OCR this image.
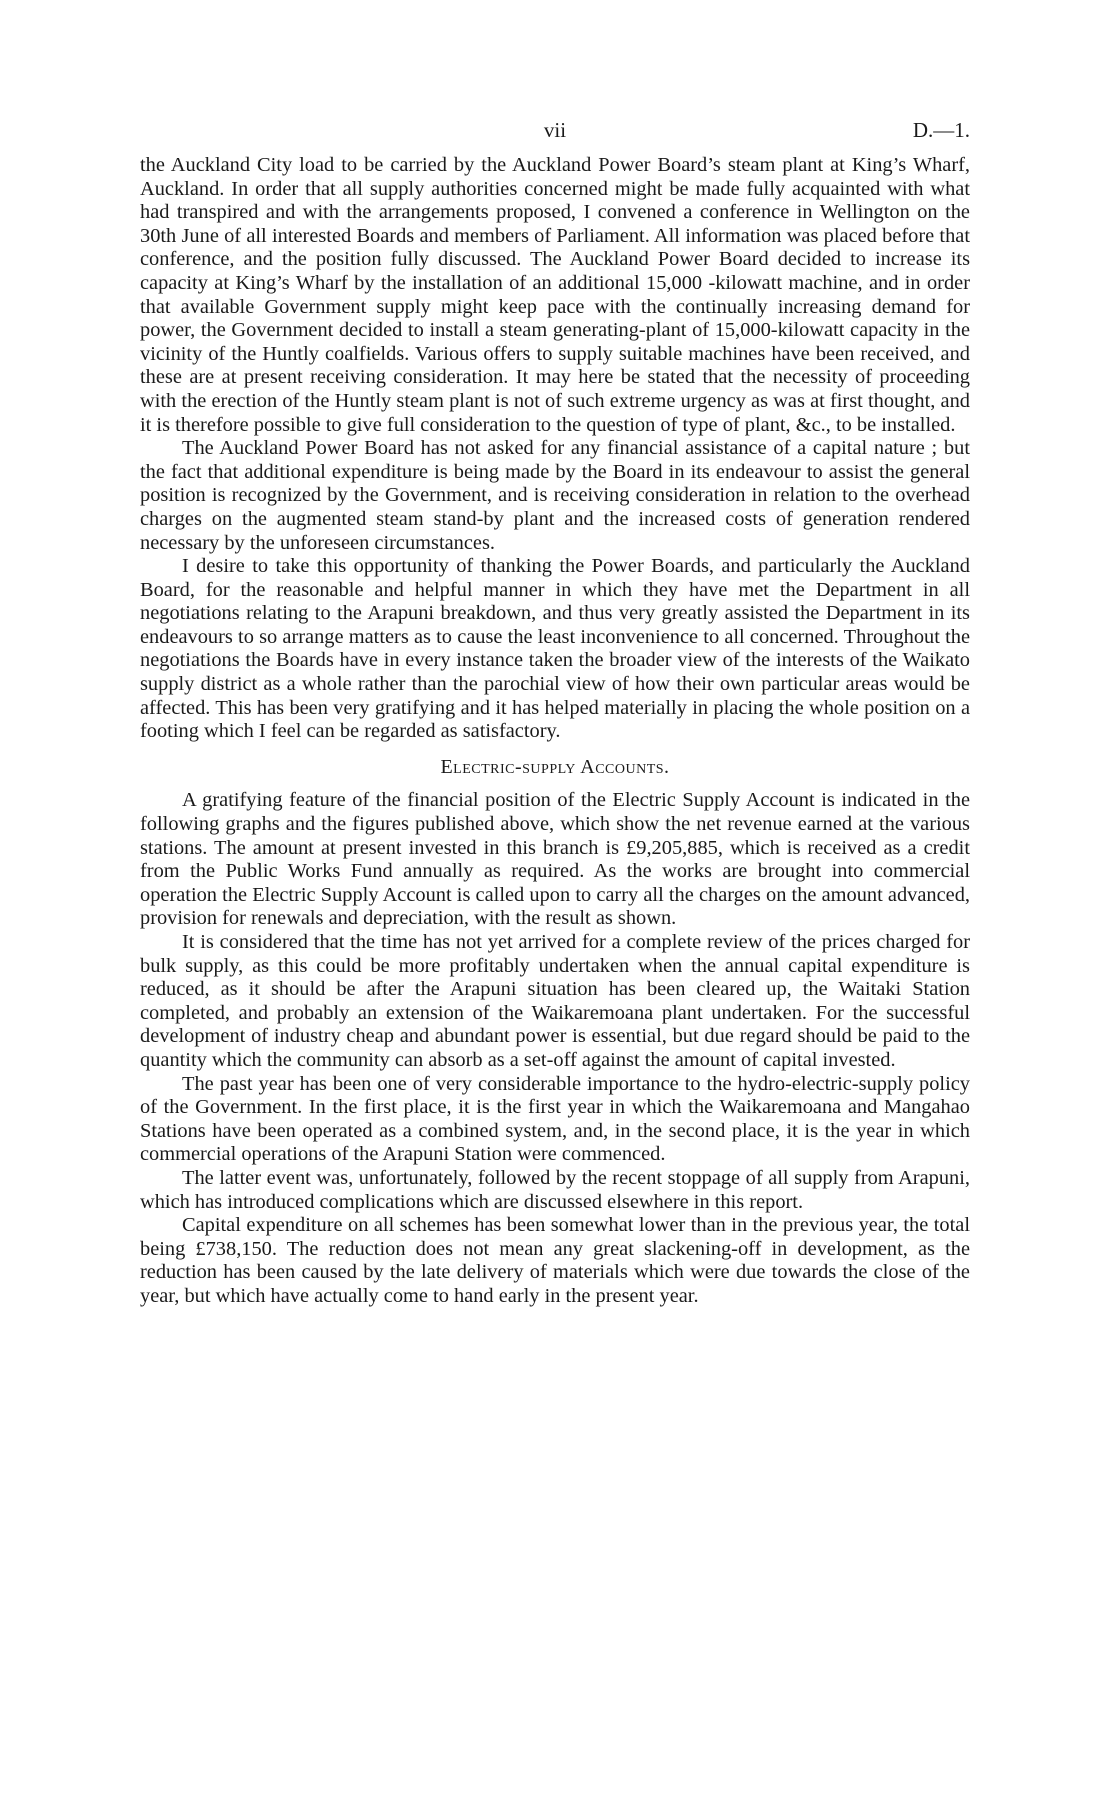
vii	D.—1.

the Auckland City load to be carried by the Auckland Power Board’s steam plant at King’s Wharf, Auckland. In order that all supply authorities concerned might be made fully acquainted with what had transpired and with the arrangements proposed, I convened a conference in Wellington on the 30th June of all interested Boards and members of Parliament. All information was placed before that conference, and the position fully discussed. The Auckland Power Board decided to increase its capacity at King’s Wharf by the installation of an additional 15,000 -kilowatt machine, and in order that available Government supply might keep pace with the continually increasing demand for power, the Government decided to install a steam generating-plant of 15,000-kilowatt capacity in the vicinity of the Huntly coalfields. Various offers to supply suitable machines have been received, and these are at present receiving consideration. It may here be stated that the necessity of proceeding with the erection of the Huntly steam plant is not of such extreme urgency as was at first thought, and it is therefore possible to give full consideration to the question of type of plant, &c., to be installed.

The Auckland Power Board has not asked for any financial assistance of a capital nature ; but the fact that additional expenditure is being made by the Board in its endeavour to assist the general position is recognized by the Government, and is receiving consideration in relation to the overhead charges on the augmented steam stand-by plant and the increased costs of generation rendered necessary by the unforeseen circumstances.

I desire to take this opportunity of thanking the Power Boards, and particularly the Auckland Board, for the reasonable and helpful manner in which they have met the Department in all negotiations relating to the Arapuni breakdown, and thus very greatly assisted the Department in its endeavours to so arrange matters as to cause the least inconvenience to all concerned. Throughout the negotiations the Boards have in every instance taken the broader view of the interests of the Waikato supply district as a whole rather than the parochial view of how their own particular areas would be affected. This has been very gratifying and it has helped materially in placing the whole position on a footing which I feel can be regarded as satisfactory.

Electric-supply Accounts.

A gratifying feature of the financial position of the Electric Supply Account is indicated in the following graphs and the figures published above, which show the net revenue earned at the various stations. The amount at present invested in this branch is £9,205,885, which is received as a credit from the Public Works Fund annually as required. As the works are brought into commercial operation the Electric Supply Account is called upon to carry all the charges on the amount advanced, provision for renewals and depreciation, with the result as shown.

It is considered that the time has not yet arrived for a complete review of the prices charged for bulk supply, as this could be more profitably undertaken when the annual capital expenditure is reduced, as it should be after the Arapuni situation has been cleared up, the Waitaki Station completed, and probably an extension of the Waikaremoana plant undertaken. For the successful development of industry cheap and abundant power is essential, but due regard should be paid to the quantity which the community can absorb as a set-off against the amount of capital invested.

The past year has been one of very considerable importance to the hydro-electric-supply policy of the Government. In the first place, it is the first year in which the Waikaremoana and Mangahao Stations have been operated as a combined system, and, in the second place, it is the year in which commercial operations of the Arapuni Station were commenced.

The latter event was, unfortunately, followed by the recent stoppage of all supply from Arapuni, which has introduced complications which are discussed elsewhere in this report.

Capital expenditure on all schemes has been somewhat lower than in the previous year, the total being £738,150. The reduction does not mean any great slackening-off in development, as the reduction has been caused by the late delivery of materials which were due towards the close of the year, but which have actually come to hand early in the present year.
